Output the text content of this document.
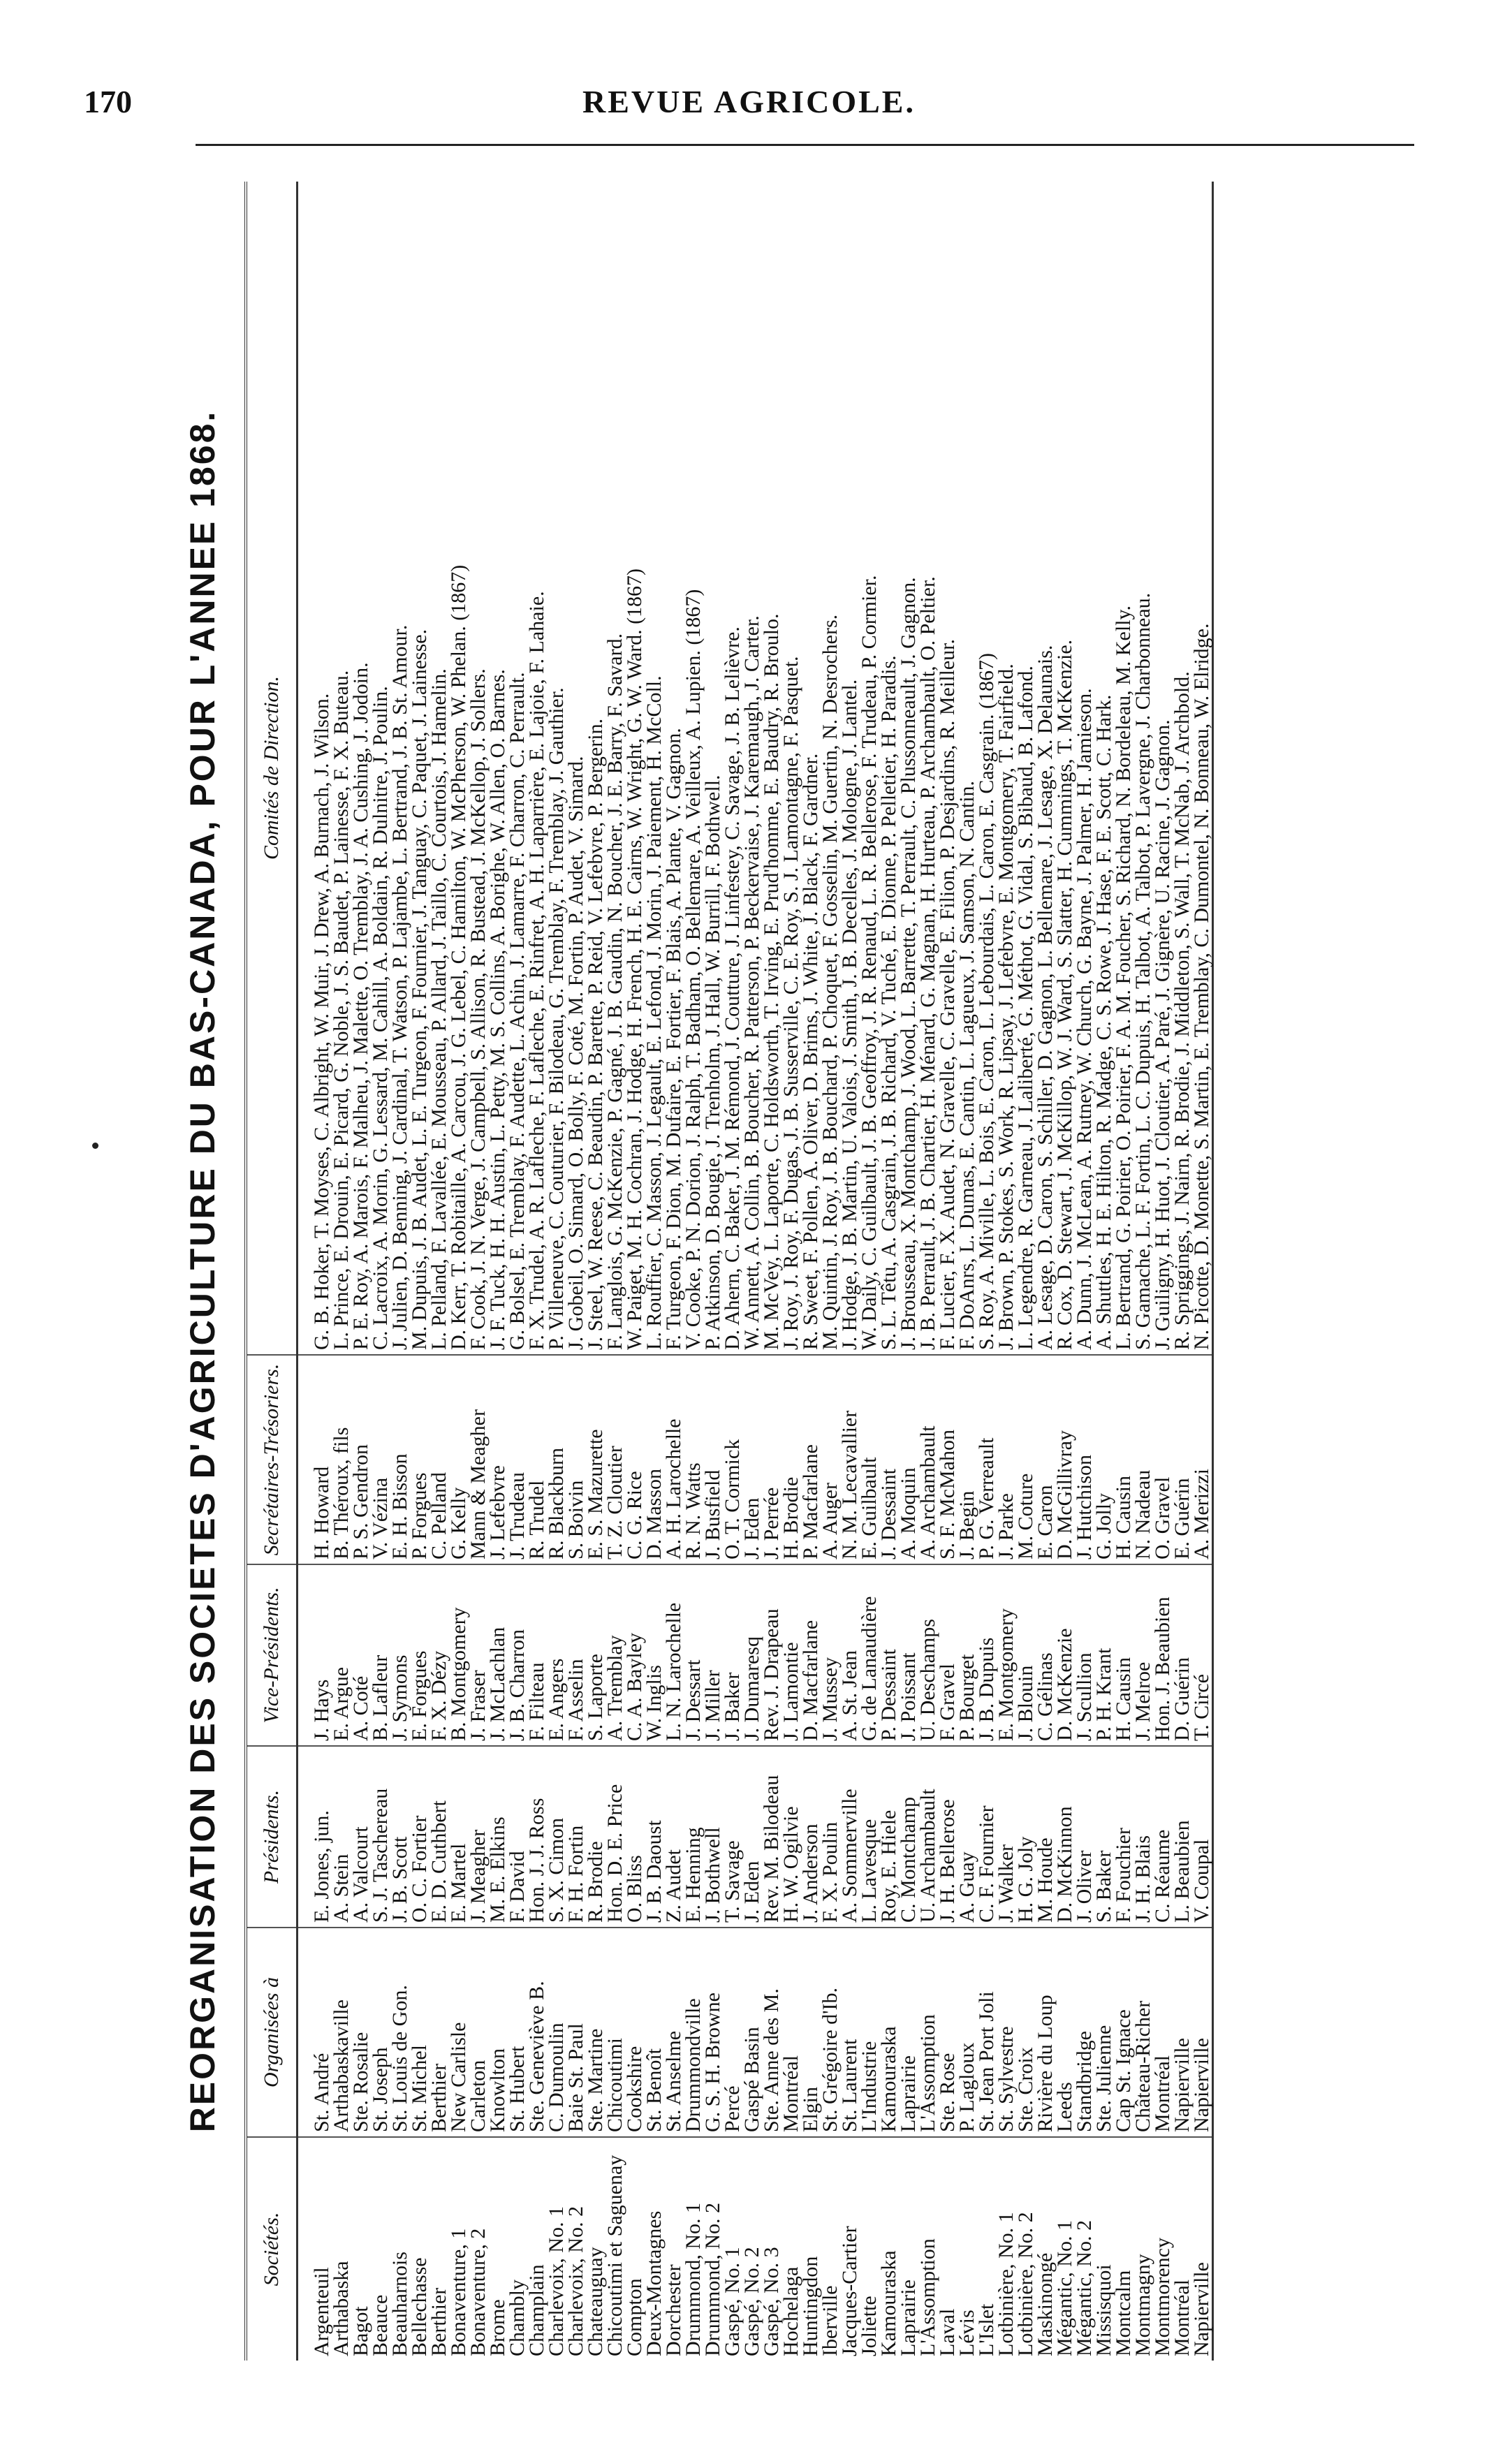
170	REVUE AGRICOLE.
REORGANISATION DES SOCIETES D'AGRICULTURE DU BAS-CANADA, POUR L'ANNEE 1868.
Sociétés.	Organisées à	Présidents.	Vice-Présidents.	Secrétaires-Trésoriers.	Comités de Direction.

Argenteuil	St. André	E. Jones, jun.	J. Hays	H. Howard	G. B. Hoker, T. Moyses, C. Albright, W. Muir, J. Drew, A. Burnach, J. Wilson.
Arthabaska	Arthabaskaville	A. Stein	E. Argue	B. Théroux, fils	L. Prince, E. Drouin, E. Picard, G. Noble, J. S. Baudet, P. Lainesse, F. X. Buteau.
Bagot	Ste. Rosalie	A. Valcourt	A. Coté	P. S. Gendron	P. E. Roy, A. Marois, F. Malheu, J. Malette, O. Tremblay, J. A. Cushing, J. Jodoin.
Beauce	St. Joseph	S. J. Taschereau	B. Lafleur	V. Vézina	C. Lacroix, A. Morin, G. Lessard, M. Cahill, A. Boldain, R. Dulnitre, J. Poulin.
Beauharnois	St. Louis de Gon.	J. B. Scott	J. Symons	E. H. Bisson	J. Julien, D. Benning, J. Cardinal, T. Watson, P. Lajambe, L. Bertrand, J. B. St. Amour.
Bellechasse	St. Michel	O. C. Fortier	E. Forgues	P. Forgues	M. Dupuis, J. B. Audet, L. E. Turgeon, F. Fournier, J. Tanguay, C. Paquet, J. Lainesse.
Berthier	Berthier	E. D. Cuthbert	F. X. Dézy	C. Pelland	L. Pelland, F. Lavallée, E. Mousseau, P. Allard, J. Taillo, C. Courtois, J. Hamelin.
Bonaventure, 1	New Carlisle	E. Martel	B. Montgomery	G. Kelly	D. Kerr, T. Robitaille, A. Carcou, J. G. Lebel, C. Hamilton, W. McPherson, W. Phelan. (1867)
Bonaventure, 2	Carleton	J. Meagher	J. Fraser	Mann & Meagher	F. Cook, J. N. Verge, J. Campbell, S. Allison, R. Bustead, J. McKellop, J. Sollers.
Brome	Knowlton	M. E. Elkins	J. McLachlan	J. Lefebvre	J. F. Tuck, H. H. Austin, L. Petty, M. S. Collins, A. Borighe, W. Allen, O. Barnes.
Chambly	St. Hubert	F. David	J. B. Charron	J. Trudeau	G. Bolsel, E. Tremblay, F. Audette, L. Achin, J. Lamarre, F. Charron, C. Perrault.
Champlain	Ste. Geneviève B.	Hon. J. J. Ross	F. Filteau	R. Trudel	F. X. Trudel, A. R. Lafleche, F. Lafleche, E. Rinfret, A. H. Laparrière, E. Lajoie, F. Lahaie.
Charlevoix, No. 1	C. Dumoulin	S. X. Cimon	E. Angers	R. Blackburn	P. Villeneuve, C. Couturier, F. Bilodeau, G. Tremblay, F. Tremblay, J. Gauthier.
Charlevoix, No. 2	Baie St. Paul	F. H. Fortin	F. Asselin	S. Boivin	J. Gobeil, O. Simard, O. Bolly, F. Coté, M. Fortin, P. Audet, V. Simard.
Chateauguay	Ste. Martine	R. Brodie	S. Laporte	E. S. Mazurette	J. Steel, W. Reese, C. Beaudin, P. Barette, P. Reid, V. Lefebvre, P. Bergerin.
Chicoutimi et Saguenay	Chicoutimi	Hon. D. E. Price	A. Tremblay	T. Z. Cloutier	F. Langlois, G. McKenzie, P. Gagné, J. B. Gaudin, N. Boucher, J. E. Barry, F. Savard.
Compton	Cookshire	O. Bliss	C. A. Bayley	C. G. Rice	W. Paiget, M. H. Cochran, J. Hodge, H. French, H. E. Cairns, W. Wright, G. W. Ward. (1867)
Deux-Montagnes	St. Benoît	J. B. Daoust	W. Inglis	D. Masson	L. Rouffier, C. Masson, J. Legault, E. Lefond, J. Morin, J. Paiement, H. McColl.
Dorchester	St. Anselme	Z. Audet	L. N. Larochelle	A. H. Larochelle	F. Turgeon, F. Dion, M. Dufaire, E. Fortier, F. Blais, A. Plante, V. Gagnon.
Drummond, No. 1	Drummondville	E. Henning	J. Dessart	R. N. Watts	V. Cooke, P. N. Dorion, J. Ralph, T. Badham, O. Bellemare, A. Veilleux, A. Lupien. (1867)
Drummond, No. 2	G. S. H. Browne	J. Bothwell	J. Miller	J. Busfield	P. Atkinson, D. Bougie, J. Trenholm, J. Hall, W. Burrill, F. Bothwell.
Gaspé, No. 1	Percé	T. Savage	J. Baker	O. T. Cormick	D. Ahern, C. Baker, J. M. Rémond, J. Coutture, J. Linfestey, C. Savage, J. B. Lelièvre.
Gaspé, No. 2	Gaspé Basin	J. Eden	J. Dumaresq	J. Eden	W. Annett, A. Collin, B. Boucher, R. Patterson, P. Beckervaise, J. Karemaugh, J. Carter.
Gaspé, No. 3	Ste. Anne des M.	Rev. M. Bilodeau	Rev. J. Drapeau	J. Perrée	M. McVey, L. Laporte, C. Holdsworth, T. Irving, E. Prud'homme, E. Baudry, R. Broulo.
Hochelaga	Montréal	H. W. Ogilvie	J. Lamontie	H. Brodie	J. Roy, J. Roy, F. Dugas, J. B. Susserville, C. E. Roy, S. J. Lamontagne, F. Pasquet.
Huntingdon	Elgin	J. Anderson	D. Macfarlane	P. Macfarlane	R. Sweet, F. Pollen, A. Oliver, D. Brims, J. White, J. Black, F. Gardner.
Iberville	St. Grégoire d'Ib.	F. X. Poulin	J. Mussey	A. Auger	M. Quintin, J. Roy, J. B. Bouchard, P. Choquet, F. Gosselin, M. Guertin, N. Desrochers.
Jacques-Cartier	St. Laurent	A. Sommerville	A. St. Jean	N. M. Lecavallier	J. Hodge, J. B. Martin, U. Valois, J. Smith, J. B. Decelles, J. Mologne, J. Lantel.
Joliette	L'Industrie	L. Lavesque	G. de Lanaudière	E. Guilbault	W. Daily, C. Guilbault, J. B. Geoffroy, J. R. Renaud, L. R. Bellerose, F. Trudeau, P. Cormier.
Kamouraska	Kamouraska	Roy, E. Hiele	P. Dessaint	J. Dessaint	S. L. Têtu, A. Casgrain, J. B. Richard, V. Tuché, E. Dionne, P. Pelletier, H. Paradis.
Laprairie	Laprairie	C. Montchamp	J. Poissant	A. Moquin	J. Brousseau, X. Montchamp, J. Wood, L. Barrette, T. Perrault, C. Plussonneault, J. Gagnon.
L'Assomption	L'Assomption	U. Archambault	U. Deschamps	A. Archambault	J. B. Perrault, J. B. Chartier, H. Ménard, G. Magnan, H. Hurteau, P. Archambault, O. Peltier.
Laval	Ste. Rose	J. H. Bellerose	F. Gravel	S. F. McMahon	F. Lucier, F. X. Audet, N. Gravelle, C. Gravelle, E. Filion, P. Desjardins, R. Meilleur.
Lévis	P. Lagloux	A. Guay	P. Bourget	J. Begin	F. DoAnrs, L. Dumas, E. Cantin, L. Lagueux, J. Samson, N. Cantin.
L'Islet	St. Jean Port Joli	C. F. Fournier	J. B. Dupuis	P. G. Verreault	S. Roy, A. Miville, L. Bois, E. Caron, L. Lebourdais, L. Caron, E. Casgrain. (1867)
Lotbinière, No. 1	St. Sylvestre	J. Walker	E. Montgomery	J. Parke	J. Brown, P. Stokes, S. Work, R. Lipsay, J. Lefebvre, E. Montgomery, T. Fairfield.
Lotbinière, No. 2	Ste. Croix	H. G. Joly	J. Blouin	M. Coture	L. Legendre, R. Garneau, J. Laliberté, G. Méthot, G. Vidal, S. Bibaud, B. Lafond.
Maskinongé	Rivière du Loup	M. Houde	C. Gélinas	E. Caron	A. Lesage, D. Caron, S. Schiller, D. Gagnon, L. Bellemare, J. Lesage, X. Delaunais.
Mégantic, No. 1	Leeds	D. McKinnon	D. McKenzie	D. McGillivray	R. Cox, D. Stewart, J. McKillop, W. J. Ward, S. Slatter, H. Cummings, T. McKenzie.
Mégantic, No. 2	Standbridge	J. Oliver	J. Scullion	J. Hutchison	A. Dunn, J. McLean, A. Rutney, W. Church, G. Bayne, J. Palmer, H. Jamieson.
Missisquoi	Ste. Julienne	S. Baker	P. H. Krant	G. Jolly	A. Shuttles, H. E. Hilton, R. Madge, C. S. Rowe, J. Hase, F. E. Scott, C. Hark.
Montcalm	Cap St. Ignace	F. Fouchier	H. Causin	H. Causin	L. Bertrand, G. Poirier, O. Poirier, F. A. M. Foucher, S. Richard, N. Bordeleau, M. Kelly.
Montmagny	Château-Richer	J. H. Blais	J. Melroe	N. Nadeau	S. Gamache, L. F. Fortin, L. C. Dupuis, H. Talbot, A. Talbot, P. Lavergne, J. Charbonneau.
Montmorency	Montréal	C. Réaume	Hon. J. Beaubien	O. Gravel	J. Guiligny, H. Huot, J. Cloutier, A. Paré, J. Gignère, U. Racine, J. Gagnon.
Montréal	Napierville	L. Beaubien	D. Guérin	E. Guérin	R. Spriggings, J. Nairn, R. Brodie, J. Middleton, S. Wall, T. McNab, J. Archbold.
Napierville	Napierville	V. Coupal	T. Circé	A. Merizzi	N. Picotte, D. Monette, S. Martin, E. Tremblay, C. Dumontel, N. Bonneau, W. Elridge.
